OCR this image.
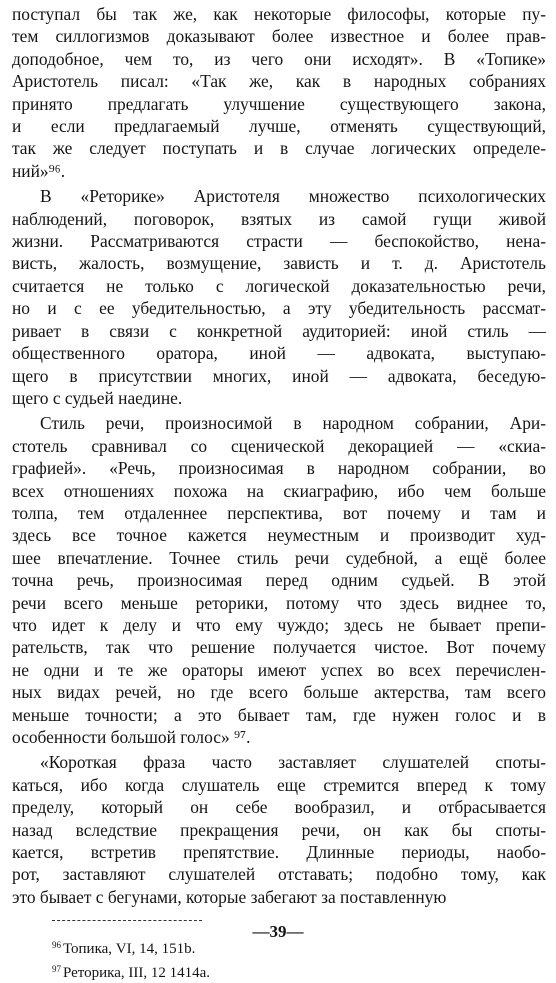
поступал бы так же, как некоторые философы, которые пу-
тем силлогизмов доказывают более известное и более прав-
доподобное, чем то, из чего они исходят». В «Топике»
Аристотель писал: «Так же, как в народных собраниях
принято предлагать улучшение существующего закона,
и если предлагаемый лучше, отменять существующий,
так же следует поступать и в случае логических определе-
ний»⁹⁶.

В «Реторике» Аристотеля множество психологических
наблюдений, поговорок, взятых из самой гущи живой
жизни. Рассматриваются страсти — беспокойство, нена-
висть, жалость, возмущение, зависть и т. д. Аристотель
считается не только с логической доказательностью речи,
но и с ее убедительностью, а эту убедительность рассмат-
ривает в связи с конкретной аудиторией: иной стиль —
общественного оратора, иной — адвоката, выступаю-
щего в присутствии многих, иной — адвоката, беседую-
щего с судьей наедине.

Стиль речи, произносимой в народном собрании, Ари-
стотель сравнивал со сценической декорацией — «скиа-
графией». «Речь, произносимая в народном собрании, во
всех отношениях похожа на скиаграфию, ибо чем больше
толпа, тем отдаленнее перспектива, вот почему и там и
здесь все точное кажется неуместным и производит худ-
шее впечатление. Точнее стиль речи судебной, а ещё более
точна речь, произносимая перед одним судьей. В этой
речи всего меньше реторики, потому что здесь виднее то,
что идет к делу и что ему чуждо; здесь не бывает препи-
рательств, так что решение получается чистое. Вот почему
не одни и те же ораторы имеют успех во всех перечислен-
ных видах речей, но где всего больше актерства, там всего
меньше точности; а это бывает там, где нужен голос и в
особенности большой голос» ⁹⁷.

«Короткая фраза часто заставляет слушателей споты-
каться, ибо когда слушатель еще стремится вперед к тому
пределу, который он себе вообразил, и отбрасывается
назад вследствие прекращения речи, он как бы споты-
кается, встретив препятствие. Длинные периоды, наобо-
рот, заставляют слушателей отставать; подобно тому, как
это бывает с бегунами, которые забегают за поставленную

$^{96}$ Топика, VI, 14, 151b.
$^{97}$ Реторика, III, 12 1414a.
—39—
